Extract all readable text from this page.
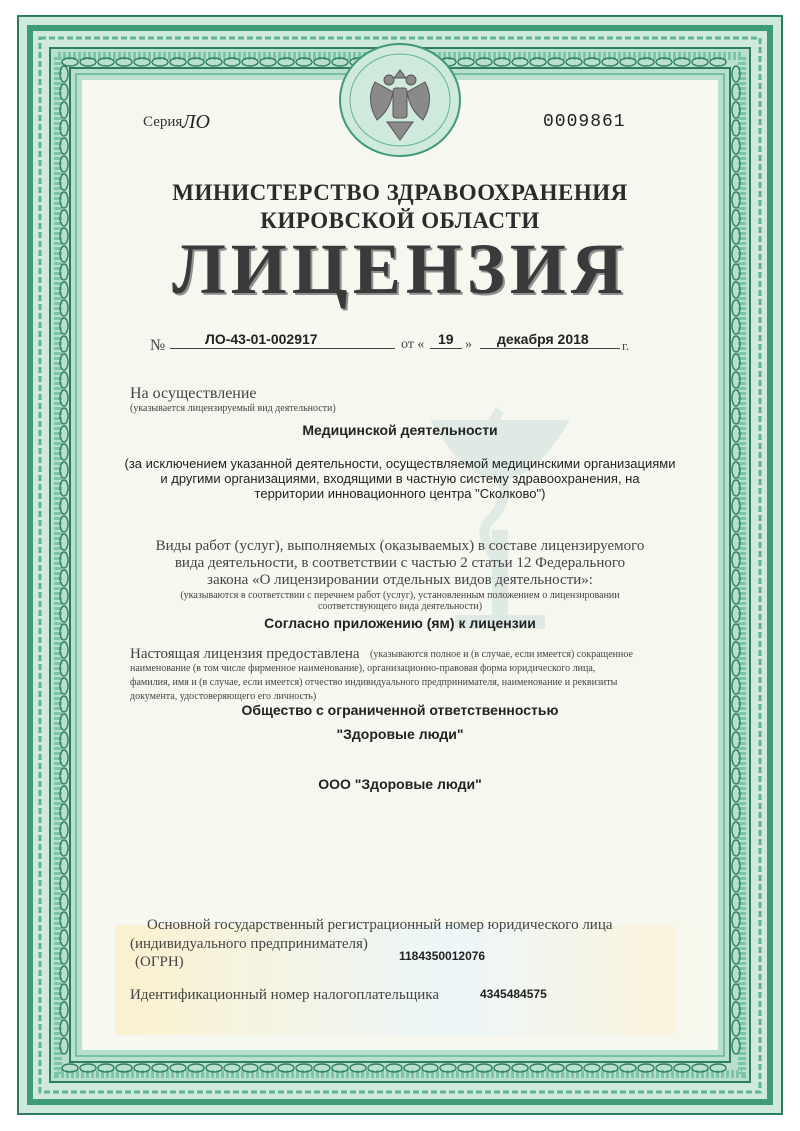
Серия ЛО	0009861
МИНИСТЕРСТВО ЗДРАВООХРАНЕНИЯ
КИРОВСКОЙ ОБЛАСТИ
ЛИЦЕНЗИЯ
№	ЛО-43-01-002917	от « 19 » декабря 2018	г.
На осуществление
(указывается лицензируемый вид деятельности)
Медицинской деятельности
(за исключением указанной деятельности, осуществляемой медицинскими организациями
и другими организациями, входящими в частную систему здравоохранения, на
территории инновационного центра "Сколково")
Виды работ (услуг), выполняемых (оказываемых) в составе лицензируемого
вида деятельности, в соответствии с частью 2 статьи 12 Федерального
закона «О лицензировании отдельных видов деятельности»:
(указываются в соответствии с перечнем работ (услуг), установленным положением о лицензировании
соответствующего вида деятельности)
Согласно приложению (ям) к лицензии
Настоящая лицензия предоставлена (указываются полное и (в случае, если имеется) сокращенное
наименование (в том числе фирменное наименование), организационно-правовая форма юридического лица,
фамилия, имя и (в случае, если имеется) отчество индивидуального предпринимателя, наименование и реквизиты
документа, удостоверяющего его личность)
Общество с ограниченной ответственностью
"Здоровые люди"
ООО "Здоровые люди"
Основной государственный регистрационный номер юридического лица
(индивидуального предпринимателя)
(ОГРН)	1184350012076
Идентификационный номер налогоплательщика	4345484575
